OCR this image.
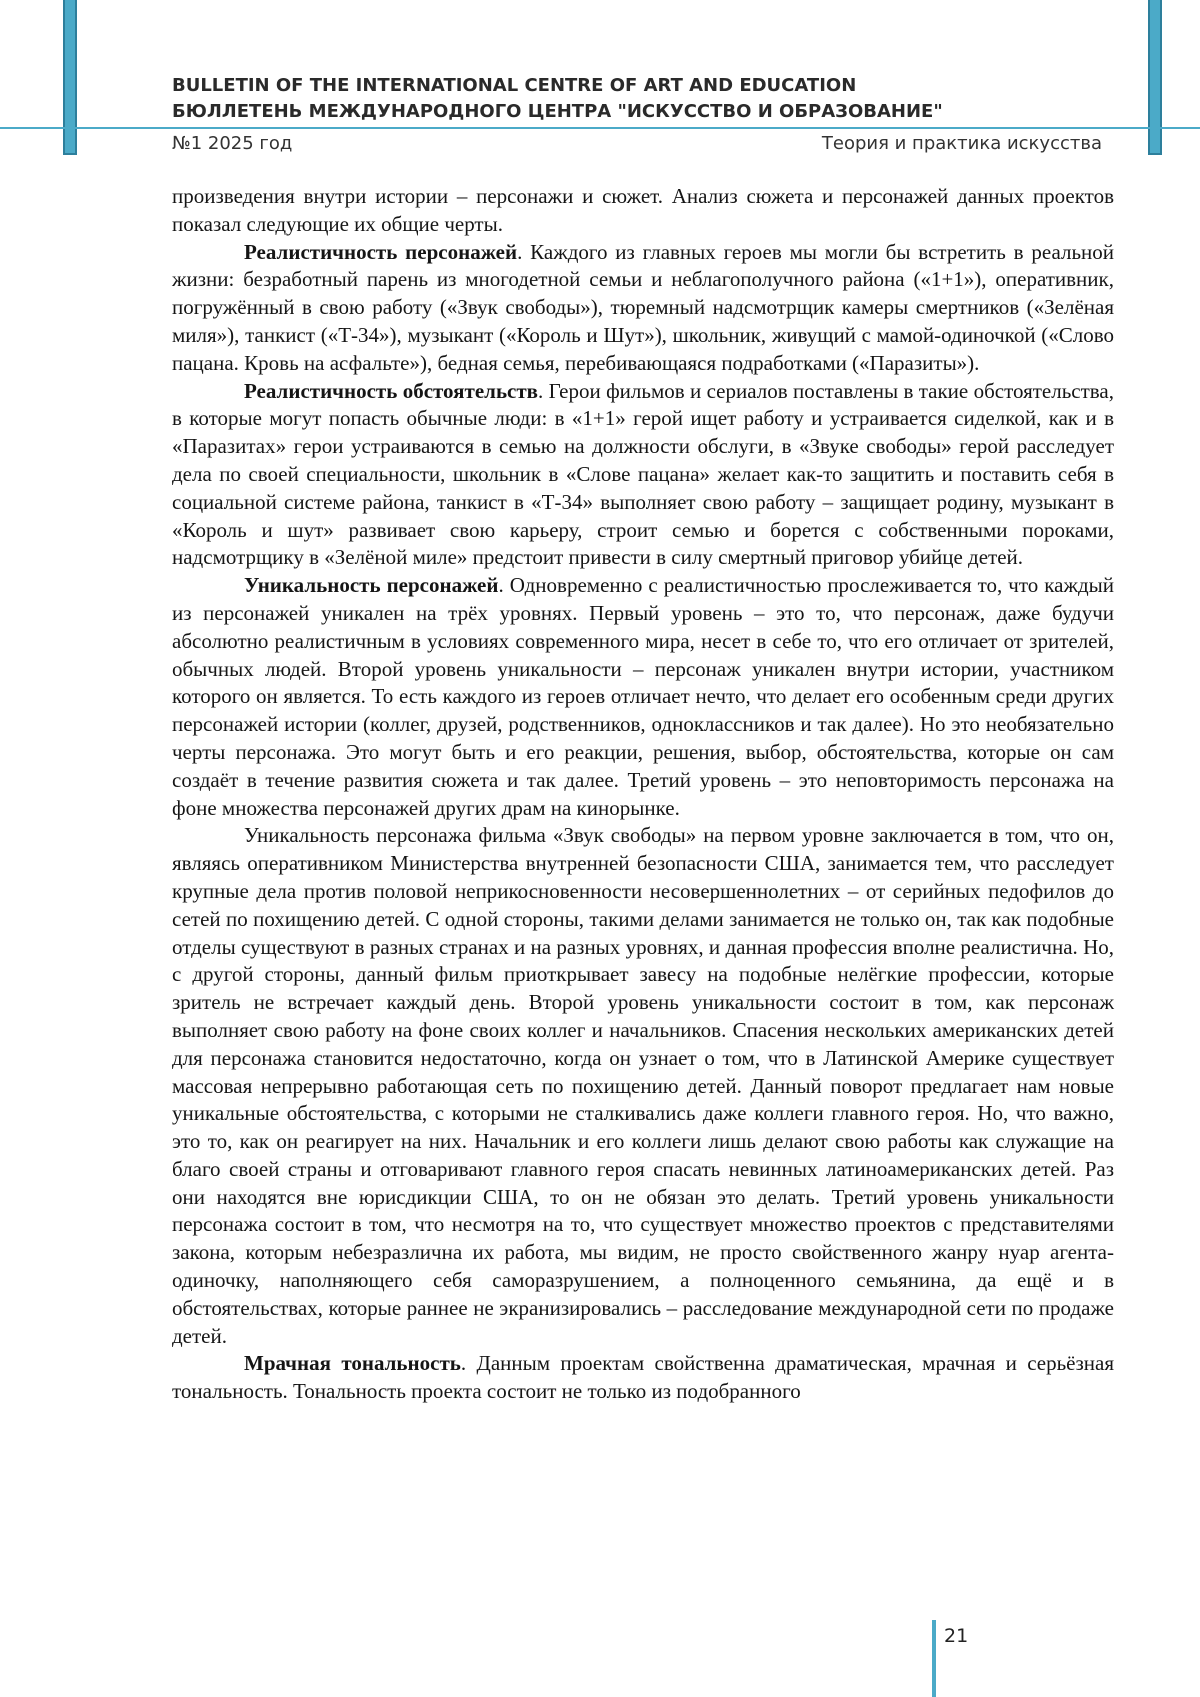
BULLETIN OF THE INTERNATIONAL CENTRE OF ART AND EDUCATION
БЮЛЛЕТЕНЬ МЕЖДУНАРОДНОГО ЦЕНТРА "ИСКУССТВО И ОБРАЗОВАНИЕ"
№1 2025 год	Теория и практика искусства

произведения внутри истории – персонажи и сюжет. Анализ сюжета и персонажей данных проектов показал следующие их общие черты.

Реалистичность персонажей. Каждого из главных героев мы могли бы встретить в реальной жизни: безработный парень из многодетной семьи и неблагополучного района («1+1»), оперативник, погружённый в свою работу («Звук свободы»), тюремный надсмотрщик камеры смертников («Зелёная миля»), танкист («Т-34»), музыкант («Король и Шут»), школьник, живущий с мамой-одиночкой («Слово пацана. Кровь на асфальте»), бедная семья, перебивающаяся подработками («Паразиты»).

Реалистичность обстоятельств. Герои фильмов и сериалов поставлены в такие обстоятельства, в которые могут попасть обычные люди: в «1+1» герой ищет работу и устраивается сиделкой, как и в «Паразитах» герои устраиваются в семью на должности обслуги, в «Звуке свободы» герой расследует дела по своей специальности, школьник в «Слове пацана» желает как-то защитить и поставить себя в социальной системе района, танкист в «Т-34» выполняет свою работу – защищает родину, музыкант в «Король и шут» развивает свою карьеру, строит семью и борется с собственными пороками, надсмотрщику в «Зелёной миле» предстоит привести в силу смертный приговор убийце детей.

Уникальность персонажей. Одновременно с реалистичностью прослеживается то, что каждый из персонажей уникален на трёх уровнях. Первый уровень – это то, что персонаж, даже будучи абсолютно реалистичным в условиях современного мира, несет в себе то, что его отличает от зрителей, обычных людей. Второй уровень уникальности – персонаж уникален внутри истории, участником которого он является. То есть каждого из героев отличает нечто, что делает его особенным среди других персонажей истории (коллег, друзей, родственников, одноклассников и так далее). Но это необязательно черты персонажа. Это могут быть и его реакции, решения, выбор, обстоятельства, которые он сам создаёт в течение развития сюжета и так далее. Третий уровень – это неповторимость персонажа на фоне множества персонажей других драм на кинорынке.

Уникальность персонажа фильма «Звук свободы» на первом уровне заключается в том, что он, являясь оперативником Министерства внутренней безопасности США, занимается тем, что расследует крупные дела против половой неприкосновенности несовершеннолетних – от серийных педофилов до сетей по похищению детей. С одной стороны, такими делами занимается не только он, так как подобные отделы существуют в разных странах и на разных уровнях, и данная профессия вполне реалистична. Но, с другой стороны, данный фильм приоткрывает завесу на подобные нелёгкие профессии, которые зритель не встречает каждый день. Второй уровень уникальности состоит в том, как персонаж выполняет свою работу на фоне своих коллег и начальников. Спасения нескольких американских детей для персонажа становится недостаточно, когда он узнает о том, что в Латинской Америке существует массовая непрерывно работающая сеть по похищению детей. Данный поворот предлагает нам новые уникальные обстоятельства, с которыми не сталкивались даже коллеги главного героя. Но, что важно, это то, как он реагирует на них. Начальник и его коллеги лишь делают свою работы как служащие на благо своей страны и отговаривают главного героя спасать невинных латиноамериканских детей. Раз они находятся вне юрисдикции США, то он не обязан это делать. Третий уровень уникальности персонажа состоит в том, что несмотря на то, что существует множество проектов с представителями закона, которым небезразлична их работа, мы видим, не просто свойственного жанру нуар агента-одиночку, наполняющего себя саморазрушением, а полноценного семьянина, да ещё и в обстоятельствах, которые раннее не экранизировались – расследование международной сети по продаже детей.

Мрачная тональность. Данным проектам свойственна драматическая, мрачная и серьёзная тональность. Тональность проекта состоит не только из подобранного

21
